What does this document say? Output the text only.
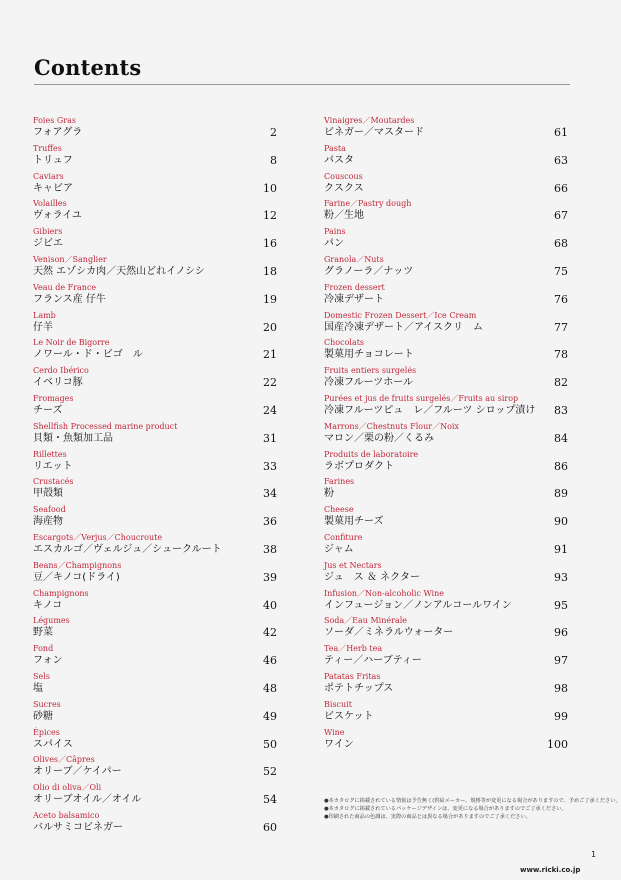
Contents
Foies Gras
フォアグラ	2
Truffes
トリュフ	8
Caviars
キャビア	10
Volailles
ヴォライユ	12
Gibiers
ジビエ	16
Venison／Sanglier
天然 エゾシカ肉／天然山どれイノシシ	18
Veau de France
フランス産 仔牛	19
Lamb
仔羊	20
Le Noir de Bigorre
ノワール・ド・ビゴ　ル	21
Cerdo Ibérico
イベリコ豚	22
Fromages
チーズ	24
Shellfish Processed marine product
貝類・魚類加工品	31
Rillettes
リエット	33
Crustacés
甲殻類	34
Seafood
海産物	36
Escargots／Verjus／Choucroute
エスカルゴ／ヴェルジュ／シュークルート	38
Beans／Champignons
豆／キノコ(ドライ)	39
Champignons
キノコ	40
Légumes
野菜	42
Fond
フォン	46
Sels
塩	48
Sucres
砂糖	49
Épices
スパイス	50
Olives／Câpres
オリーブ／ケイパー	52
Olio di oliva／Oli
オリーブオイル／オイル	54
Aceto balsamico
バルサミコビネガー	60
Vinaigres／Moutardes
ビネガー／マスタード	61
Pasta
パスタ	63
Couscous
クスクス	66
Farine／Pastry dough
粉／生地	67
Pains
パン	68
Granola／Nuts
グラノーラ／ナッツ	75
Frozen dessert
冷凍デザート	76
Domestic Frozen Dessert／Ice Cream
国産冷凍デザート／アイスクリ　ム	77
Chocolats
製菓用チョコレート	78
Fruits entiers surgelés
冷凍フルーツホール	82
Purées et jus de fruits surgelés／Fruits au sirop
冷凍フルーツピュ　レ／フルーツ シロップ漬け	83
Marrons／Chestnuts Flour／Noix
マロン／栗の粉／くるみ	84
Produits de laboratoire
ラボプロダクト	86
Farines
粉	89
Cheese
製菓用チーズ	90
Confiture
ジャム	91
Jus et Nectars
ジュ　ス ＆ ネクター	93
Infusion／Non-alcoholic Wine
インフュージョン／ノンアルコールワイン	95
Soda／Eau Minérale
ソーダ／ミネラルウォーター	96
Tea／Herb tea
ティー／ハーブティー	97
Patatas Fritas
ポテトチップス	98
Biscuit
ビスケット	99
Wine
ワイン	100
●本カタログに掲載されている情報は予告無く(供給メーカー、規格等が変更になる場合がありますので、予めご了承ください。
●本カタログに掲載されているパッケージデザインは、変更になる場合がありますのでご了承ください。
●印刷された商品の色調は、実際の商品とは異なる場合がありますのでご了承ください。
1
www.ricki.co.jp
